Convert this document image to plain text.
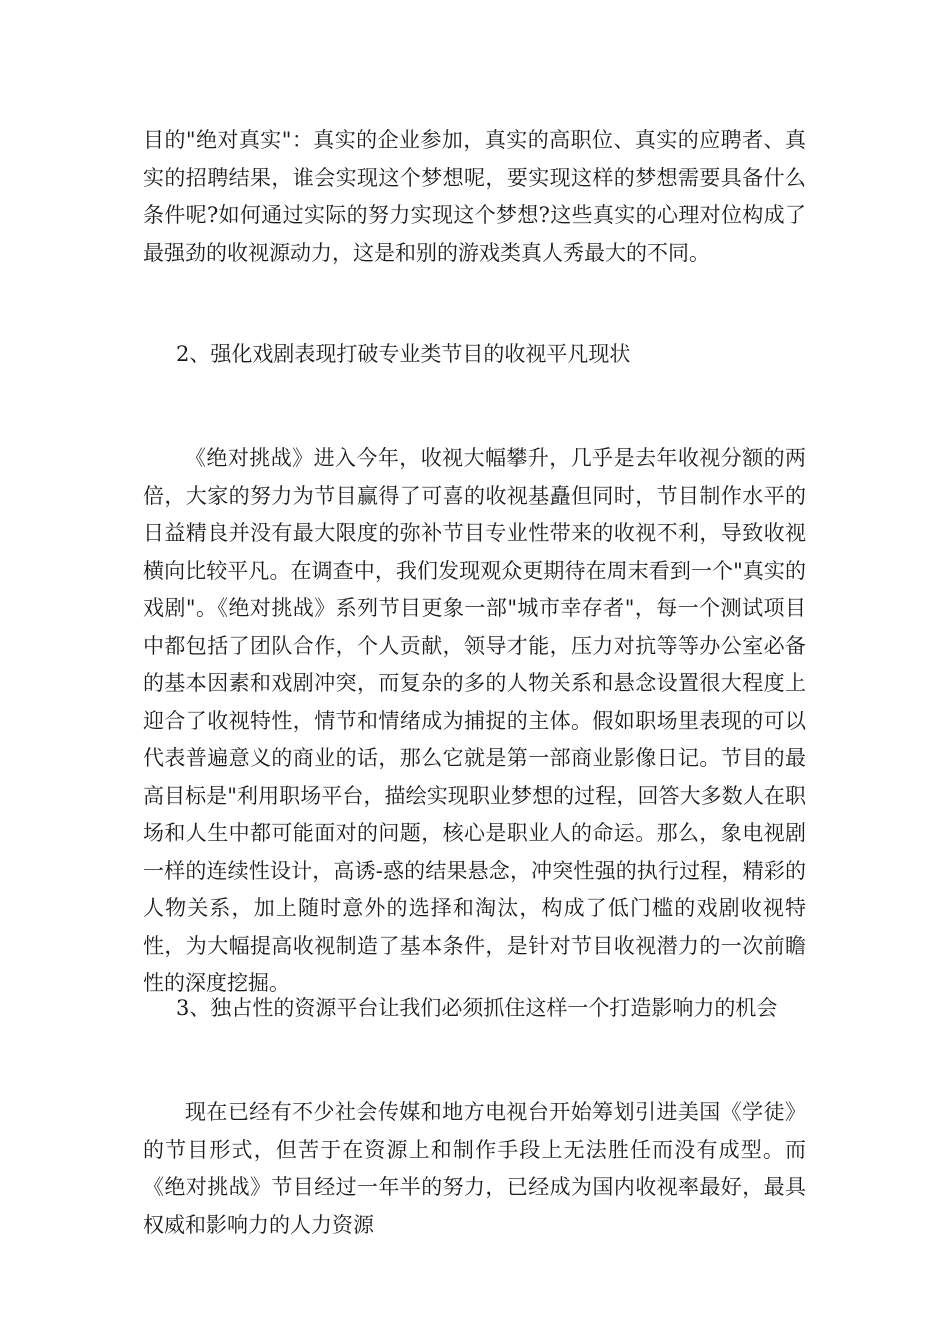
目的"绝对真实"：真实的企业参加，真实的高职位、真实的应聘者、真实的招聘结果，谁会实现这个梦想呢，要实现这样的梦想需要具备什么条件呢?如何通过实际的努力实现这个梦想?这些真实的心理对位构成了最强劲的收视源动力，这是和别的游戏类真人秀最大的不同。

2、强化戏剧表现打破专业类节目的收视平凡现状

《绝对挑战》进入今年，收视大幅攀升，几乎是去年收视分额的两倍，大家的努力为节目赢得了可喜的收视基矗但同时，节目制作水平的日益精良并没有最大限度的弥补节目专业性带来的收视不利，导致收视横向比较平凡。在调查中，我们发现观众更期待在周末看到一个"真实的戏剧"。《绝对挑战》系列节目更象一部"城市幸存者"，每一个测试项目中都包括了团队合作，个人贡献，领导才能，压力对抗等等办公室必备的基本因素和戏剧冲突，而复杂的多的人物关系和悬念设置很大程度上迎合了收视特性，情节和情绪成为捕捉的主体。假如职场里表现的可以代表普遍意义的商业的话，那么它就是第一部商业影像日记。节目的最高目标是"利用职场平台，描绘实现职业梦想的过程，回答大多数人在职场和人生中都可能面对的问题，核心是职业人的命运。那么，象电视剧一样的连续性设计，高诱-惑的结果悬念，冲突性强的执行过程，精彩的人物关系，加上随时意外的选择和淘汰，构成了低门槛的戏剧收视特性，为大幅提高收视制造了基本条件，是针对节目收视潜力的一次前瞻性的深度挖掘。

3、独占性的资源平台让我们必须抓住这样一个打造影响力的机会

现在已经有不少社会传媒和地方电视台开始筹划引进美国《学徒》的节目形式，但苦于在资源上和制作手段上无法胜任而没有成型。而《绝对挑战》节目经过一年半的努力，已经成为国内收视率最好，最具权威和影响力的人力资源
